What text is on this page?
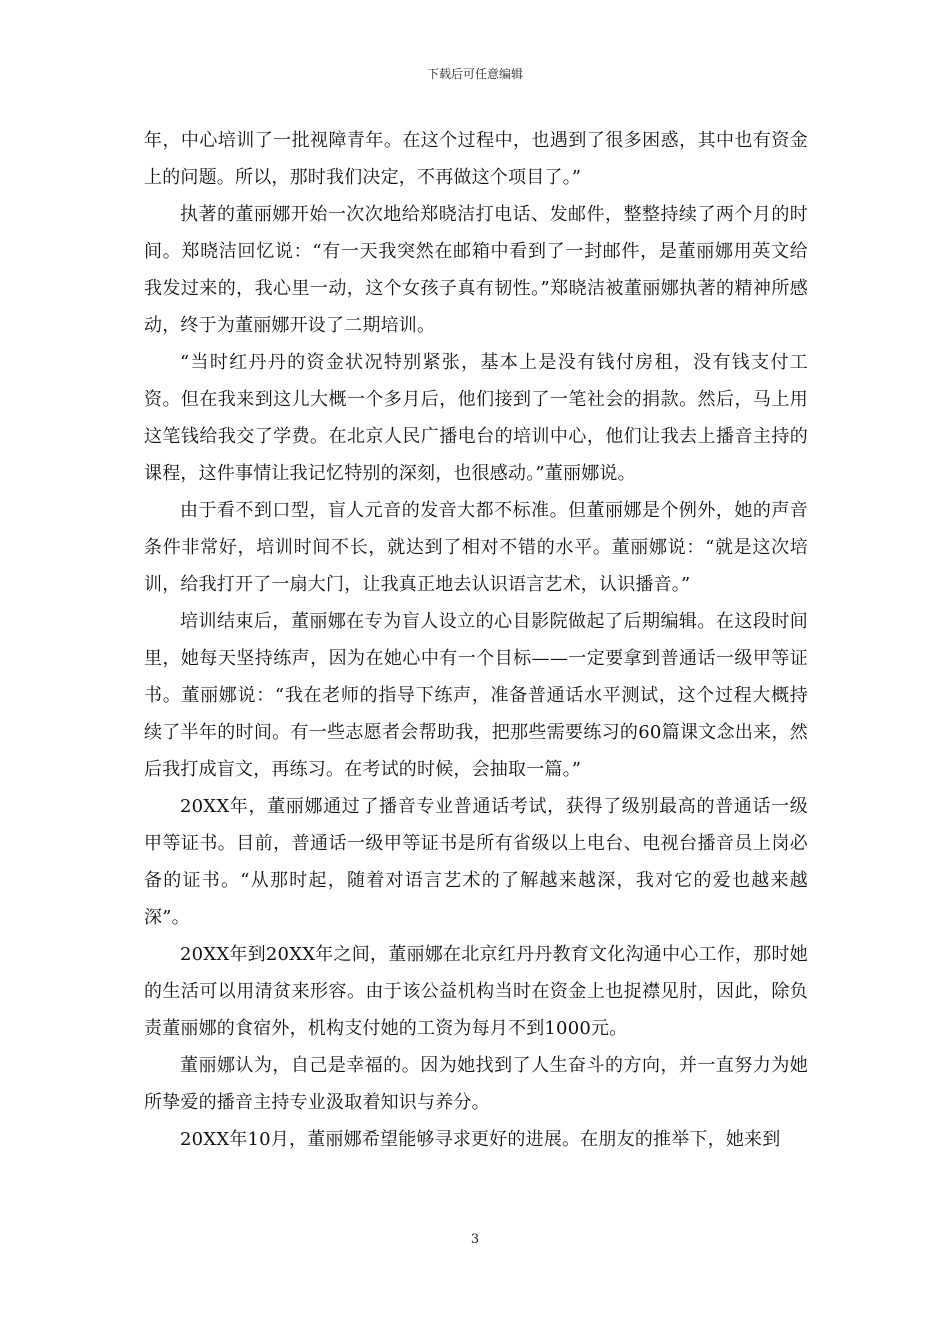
下载后可任意编辑

年，中心培训了一批视障青年。在这个过程中，也遇到了很多困惑，其中也有资金上的问题。所以，那时我们决定，不再做这个项目了。”

执著的董丽娜开始一次次地给郑晓洁打电话、发邮件，整整持续了两个月的时间。郑晓洁回忆说：“有一天我突然在邮箱中看到了一封邮件，是董丽娜用英文给我发过来的，我心里一动，这个女孩子真有韧性。”郑晓洁被董丽娜执著的精神所感动，终于为董丽娜开设了二期培训。

“当时红丹丹的资金状况特别紧张，基本上是没有钱付房租，没有钱支付工资。但在我来到这儿大概一个多月后，他们接到了一笔社会的捐款。然后，马上用这笔钱给我交了学费。在北京人民广播电台的培训中心，他们让我去上播音主持的课程，这件事情让我记忆特别的深刻，也很感动。”董丽娜说。

由于看不到口型，盲人元音的发音大都不标准。但董丽娜是个例外，她的声音条件非常好，培训时间不长，就达到了相对不错的水平。董丽娜说：“就是这次培训，给我打开了一扇大门，让我真正地去认识语言艺术，认识播音。”

培训结束后，董丽娜在专为盲人设立的心目影院做起了后期编辑。在这段时间里，她每天坚持练声，因为在她心中有一个目标——一定要拿到普通话一级甲等证书。董丽娜说：“我在老师的指导下练声，准备普通话水平测试，这个过程大概持续了半年的时间。有一些志愿者会帮助我，把那些需要练习的60篇课文念出来，然后我打成盲文，再练习。在考试的时候，会抽取一篇。”

20XX年，董丽娜通过了播音专业普通话考试，获得了级别最高的普通话一级甲等证书。目前，普通话一级甲等证书是所有省级以上电台、电视台播音员上岗必备的证书。“从那时起，随着对语言艺术的了解越来越深，我对它的爱也越来越深”。

20XX年到20XX年之间，董丽娜在北京红丹丹教育文化沟通中心工作，那时她的生活可以用清贫来形容。由于该公益机构当时在资金上也捉襟见肘，因此，除负责董丽娜的食宿外，机构支付她的工资为每月不到1000元。

董丽娜认为，自己是幸福的。因为她找到了人生奋斗的方向，并一直努力为她所挚爱的播音主持专业汲取着知识与养分。

20XX年10月，董丽娜希望能够寻求更好的进展。在朋友的推举下，她来到

3
